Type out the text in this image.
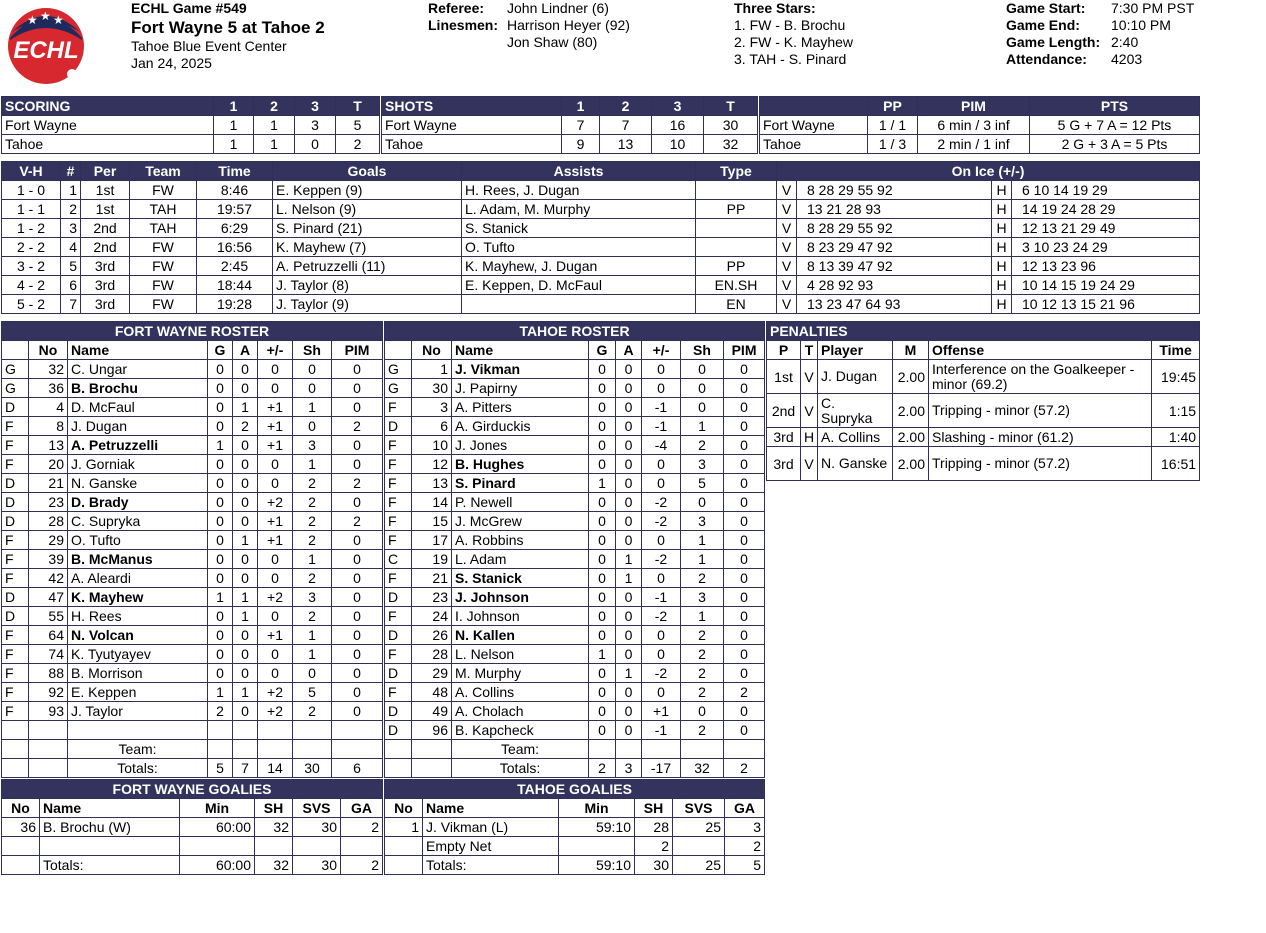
★ ★ ★
ECHL
ECHL Game #549
Fort Wayne 5 at Tahoe 2
Tahoe Blue Event Center
Jan 24, 2025
Referee: John Lindner (6)
Linesmen: Harrison Heyer (92)
Jon Shaw (80)
Three Stars:
1. FW - B. Brochu
2. FW - K. Mayhew
3. TAH - S. Pinard
Game Start: 7:30 PM PST
Game End: 10:10 PM
Game Length: 2:40
Attendance: 4203
SCORING	1	2	3	T
Fort Wayne	1	1	3	5
Tahoe	1	1	0	2
SHOTS	1	2	3	T
Fort Wayne	7	7	16	30
Tahoe	9	13	10	32
	PP	PIM	PTS
Fort Wayne	1 / 1	6 min / 3 inf	5 G + 7 A = 12 Pts
Tahoe	1 / 3	2 min / 1 inf	2 G + 3 A = 5 Pts
V-H	#	Per	Team	Time	Goals	Assists	Type	On Ice (+/-)			
1 - 0	1	1st	FW	8:46	E. Keppen (9)	H. Rees, J. Dugan		V	8 28 29 55 92	H	6 10 14 19 29
1 - 1	2	1st	TAH	19:57	L. Nelson (9)	L. Adam, M. Murphy	PP	V	13 21 28 93	H	14 19 24 28 29
1 - 2	3	2nd	TAH	6:29	S. Pinard (21)	S. Stanick		V	8 28 29 55 92	H	12 13 21 29 49
2 - 2	4	2nd	FW	16:56	K. Mayhew (7)	O. Tufto		V	8 23 29 47 92	H	3 10 23 24 29
3 - 2	5	3rd	FW	2:45	A. Petruzzelli (11)	K. Mayhew, J. Dugan	PP	V	8 13 39 47 92	H	12 13 23 96
4 - 2	6	3rd	FW	18:44	J. Taylor (8)	E. Keppen, D. McFaul	EN.SH	V	4 28 92 93	H	10 14 15 19 24 29
5 - 2	7	3rd	FW	19:28	J. Taylor (9)		EN	V	13 23 47 64 93	H	10 12 13 15 21 96
FORT WAYNE ROSTER							
	No	Name	G	A	+/-	Sh	PIM
G	32	C. Ungar	0	0	0	0	0
G	36	B. Brochu	0	0	0	0	0
D	4	D. McFaul	0	1	+1	1	0
F	8	J. Dugan	0	2	+1	0	2
F	13	A. Petruzzelli	1	0	+1	3	0
F	20	J. Gorniak	0	0	0	1	0
D	21	N. Ganske	0	0	0	2	2
D	23	D. Brady	0	0	+2	2	0
D	28	C. Supryka	0	0	+1	2	2
F	29	O. Tufto	0	1	+1	2	0
F	39	B. McManus	0	0	0	1	0
F	42	A. Aleardi	0	0	0	2	0
D	47	K. Mayhew	1	1	+2	3	0
D	55	H. Rees	0	1	0	2	0
F	64	N. Volcan	0	0	+1	1	0
F	74	K. Tyutyayev	0	0	0	1	0
F	88	B. Morrison	0	0	0	0	0
F	92	E. Keppen	1	1	+2	5	0
F	93	J. Taylor	2	0	+2	2	0

		Team:					
		Totals:	5	7	14	30	6
TAHOE ROSTER							
	No	Name	G	A	+/-	Sh	PIM
G	1	J. Vikman	0	0	0	0	0
G	30	J. Papirny	0	0	0	0	0
F	3	A. Pitters	0	0	-1	0	0
D	6	A. Girduckis	0	0	-1	1	0
F	10	J. Jones	0	0	-4	2	0
F	12	B. Hughes	0	0	0	3	0
F	13	S. Pinard	1	0	0	5	0
F	14	P. Newell	0	0	-2	0	0
F	15	J. McGrew	0	0	-2	3	0
F	17	A. Robbins	0	0	0	1	0
C	19	L. Adam	0	1	-2	1	0
F	21	S. Stanick	0	1	0	2	0
D	23	J. Johnson	0	0	-1	3	0
F	24	I. Johnson	0	0	-2	1	0
D	26	N. Kallen	0	0	0	2	0
F	28	L. Nelson	1	0	0	2	0
D	29	M. Murphy	0	1	-2	2	0
F	48	A. Collins	0	0	0	2	2
D	49	A. Cholach	0	0	+1	0	0
D	96	B. Kapcheck	0	0	-1	2	0
		Team:					
		Totals:	2	3	-17	32	2
PENALTIES					
P	T	Player	M	Offense	Time
1st	V	J. Dugan	2.00	Interference on the Goalkeeper - minor (69.2)	19:45
2nd	V	C. Supryka	2.00	Tripping - minor (57.2)	1:15
3rd	H	A. Collins	2.00	Slashing - minor (61.2)	1:40
3rd	V	N. Ganske	2.00	Tripping - minor (57.2)	16:51
FORT WAYNE GOALIES					
No	Name	Min	SH	SVS	GA
36	B. Brochu (W)	60:00	32	30	2

	Totals:	60:00	32	30	2
TAHOE GOALIES					
No	Name	Min	SH	SVS	GA
1	J. Vikman (L)	59:10	28	25	3
	Empty Net		2		2
	Totals:	59:10	30	25	5
